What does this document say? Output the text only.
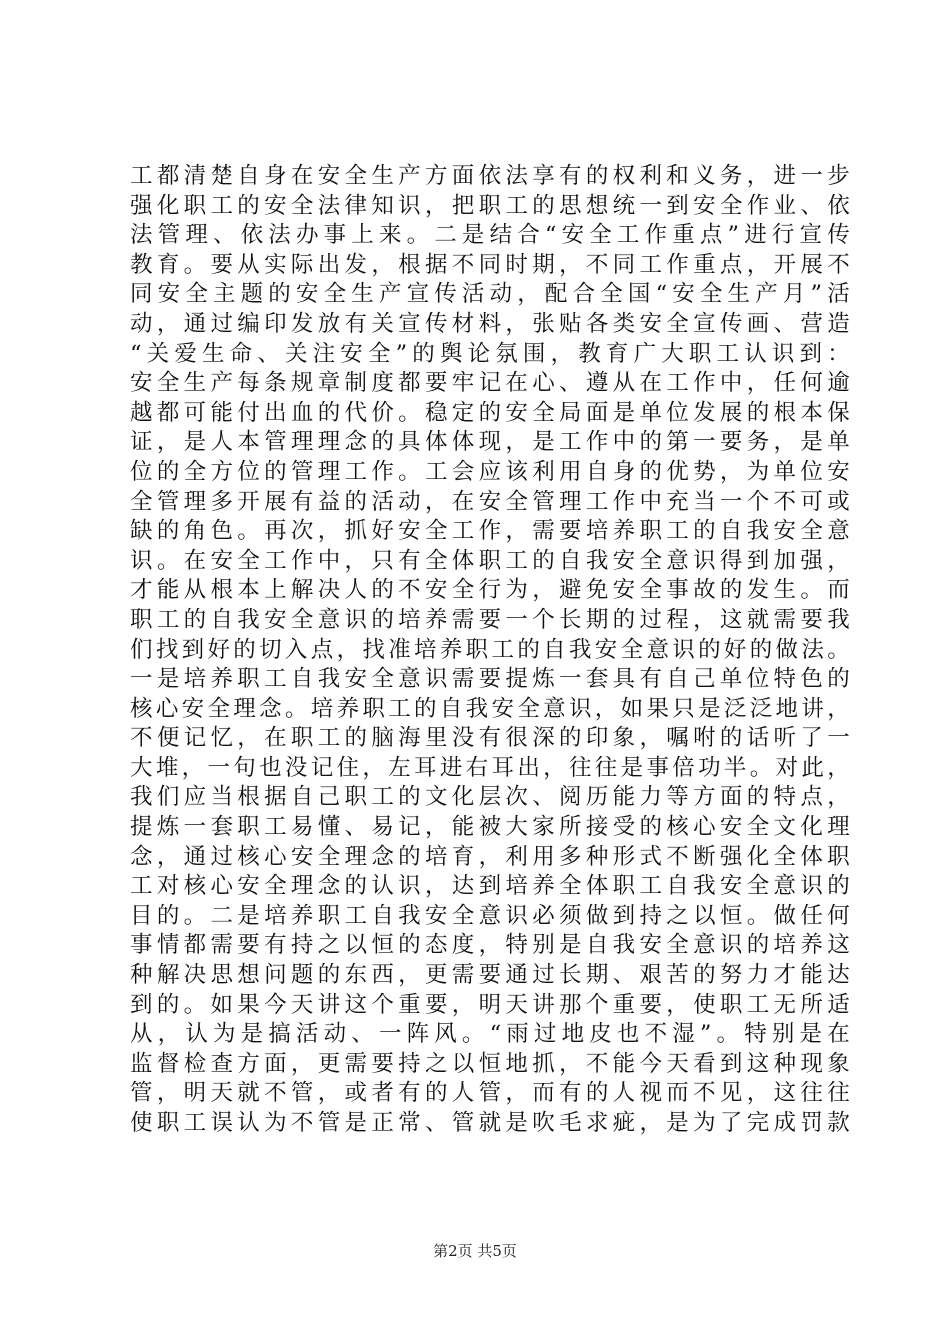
工都清楚自身在安全生产方面依法享有的权利和义务，进一步
强化职工的安全法律知识，把职工的思想统一到安全作业、依
法管理、依法办事上来。二是结合“安全工作重点”进行宣传
教育。要从实际出发，根据不同时期，不同工作重点，开展不
同安全主题的安全生产宣传活动，配合全国“安全生产月”活
动，通过编印发放有关宣传材料，张贴各类安全宣传画、营造
“关爱生命、关注安全”的舆论氛围，教育广大职工认识到：
安全生产每条规章制度都要牢记在心、遵从在工作中，任何逾
越都可能付出血的代价。稳定的安全局面是单位发展的根本保
证，是人本管理理念的具体体现，是工作中的第一要务，是单
位的全方位的管理工作。工会应该利用自身的优势，为单位安
全管理多开展有益的活动，在安全管理工作中充当一个不可或
缺的角色。再次，抓好安全工作，需要培养职工的自我安全意
识。在安全工作中，只有全体职工的自我安全意识得到加强，
才能从根本上解决人的不安全行为，避免安全事故的发生。而
职工的自我安全意识的培养需要一个长期的过程，这就需要我
们找到好的切入点，找准培养职工的自我安全意识的好的做法。
一是培养职工自我安全意识需要提炼一套具有自己单位特色的
核心安全理念。培养职工的自我安全意识，如果只是泛泛地讲，
不便记忆，在职工的脑海里没有很深的印象，嘱咐的话听了一
大堆，一句也没记住，左耳进右耳出，往往是事倍功半。对此，
我们应当根据自己职工的文化层次、阅历能力等方面的特点，
提炼一套职工易懂、易记，能被大家所接受的核心安全文化理
念，通过核心安全理念的培育，利用多种形式不断强化全体职
工对核心安全理念的认识，达到培养全体职工自我安全意识的
目的。二是培养职工自我安全意识必须做到持之以恒。做任何
事情都需要有持之以恒的态度，特别是自我安全意识的培养这
种解决思想问题的东西，更需要通过长期、艰苦的努力才能达
到的。如果今天讲这个重要，明天讲那个重要，使职工无所适
从，认为是搞活动、一阵风。“雨过地皮也不湿”。特别是在
监督检查方面，更需要持之以恒地抓，不能今天看到这种现象
管，明天就不管，或者有的人管，而有的人视而不见，这往往
使职工误认为不管是正常、管就是吹毛求疵，是为了完成罚款
第2页 共5页
